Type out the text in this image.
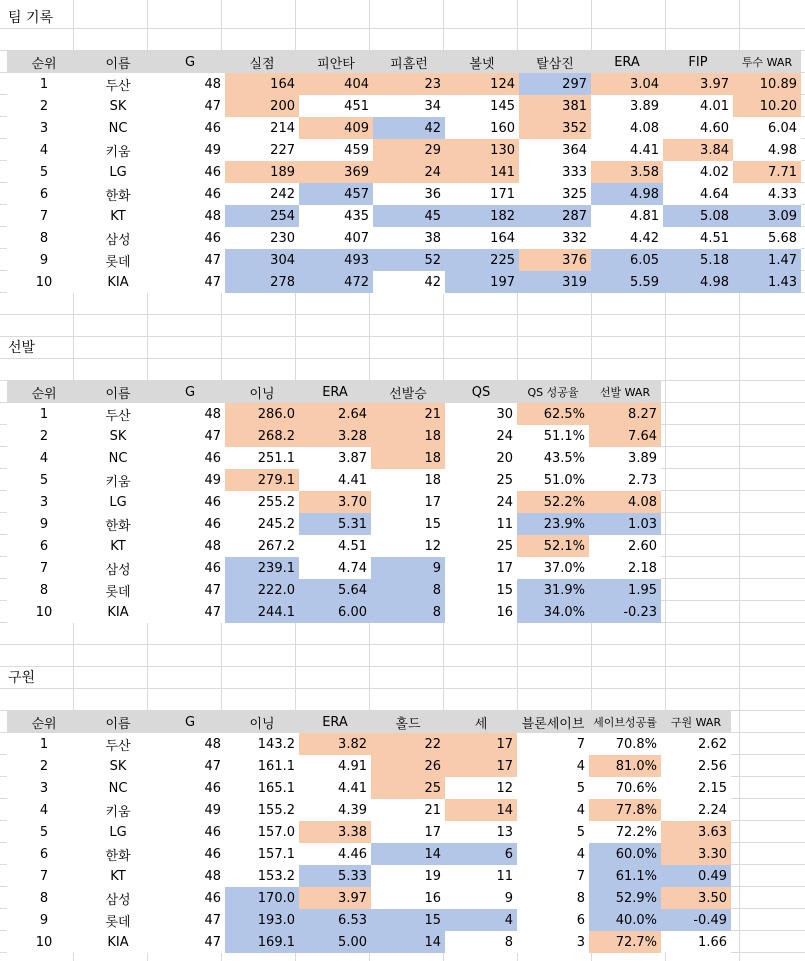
팀 기록
순위	이름	G	실점	피안타	피홈런	볼넷	탈삼진	ERA	FIP	투수 WAR
1	두산	48	164	404	23	124	297	3.04	3.97	10.89
2	SK	47	200	451	34	145	381	3.89	4.01	10.20
3	NC	46	214	409	42	160	352	4.08	4.60	6.04
4	키움	49	227	459	29	130	364	4.41	3.84	4.98
5	LG	46	189	369	24	141	333	3.58	4.02	7.71
6	한화	46	242	457	36	171	325	4.98	4.64	4.33
7	KT	48	254	435	45	182	287	4.81	5.08	3.09
8	삼성	46	230	407	38	164	332	4.42	4.51	5.68
9	롯데	47	304	493	52	225	376	6.05	5.18	1.47
10	KIA	47	278	472	42	197	319	5.59	4.98	1.43
선발
순위	이름	G	이닝	ERA	선발승	QS	QS 성공율	선발 WAR
1	두산	48	286.0	2.64	21	30	62.5%	8.27
2	SK	47	268.2	3.28	18	24	51.1%	7.64
4	NC	46	251.1	3.87	18	20	43.5%	3.89
5	키움	49	279.1	4.41	18	25	51.0%	2.73
3	LG	46	255.2	3.70	17	24	52.2%	4.08
9	한화	46	245.2	5.31	15	11	23.9%	1.03
6	KT	48	267.2	4.51	12	25	52.1%	2.60
7	삼성	46	239.1	4.74	9	17	37.0%	2.18
8	롯데	47	222.0	5.64	8	15	31.9%	1.95
10	KIA	47	244.1	6.00	8	16	34.0%	-0.23
구원
순위	이름	G	이닝	ERA	홀드	세	블론세이브	세이브성공률	구원 WAR
1	두산	48	143.2	3.82	22	17	7	70.8%	2.62
2	SK	47	161.1	4.91	26	17	4	81.0%	2.56
3	NC	46	165.1	4.41	25	12	5	70.6%	2.15
4	키움	49	155.2	4.39	21	14	4	77.8%	2.24
5	LG	46	157.0	3.38	17	13	5	72.2%	3.63
6	한화	46	157.1	4.46	14	6	4	60.0%	3.30
7	KT	48	153.2	5.33	19	11	7	61.1%	0.49
8	삼성	46	170.0	3.97	16	9	8	52.9%	3.50
9	롯데	47	193.0	6.53	15	4	6	40.0%	-0.49
10	KIA	47	169.1	5.00	14	8	3	72.7%	1.66
